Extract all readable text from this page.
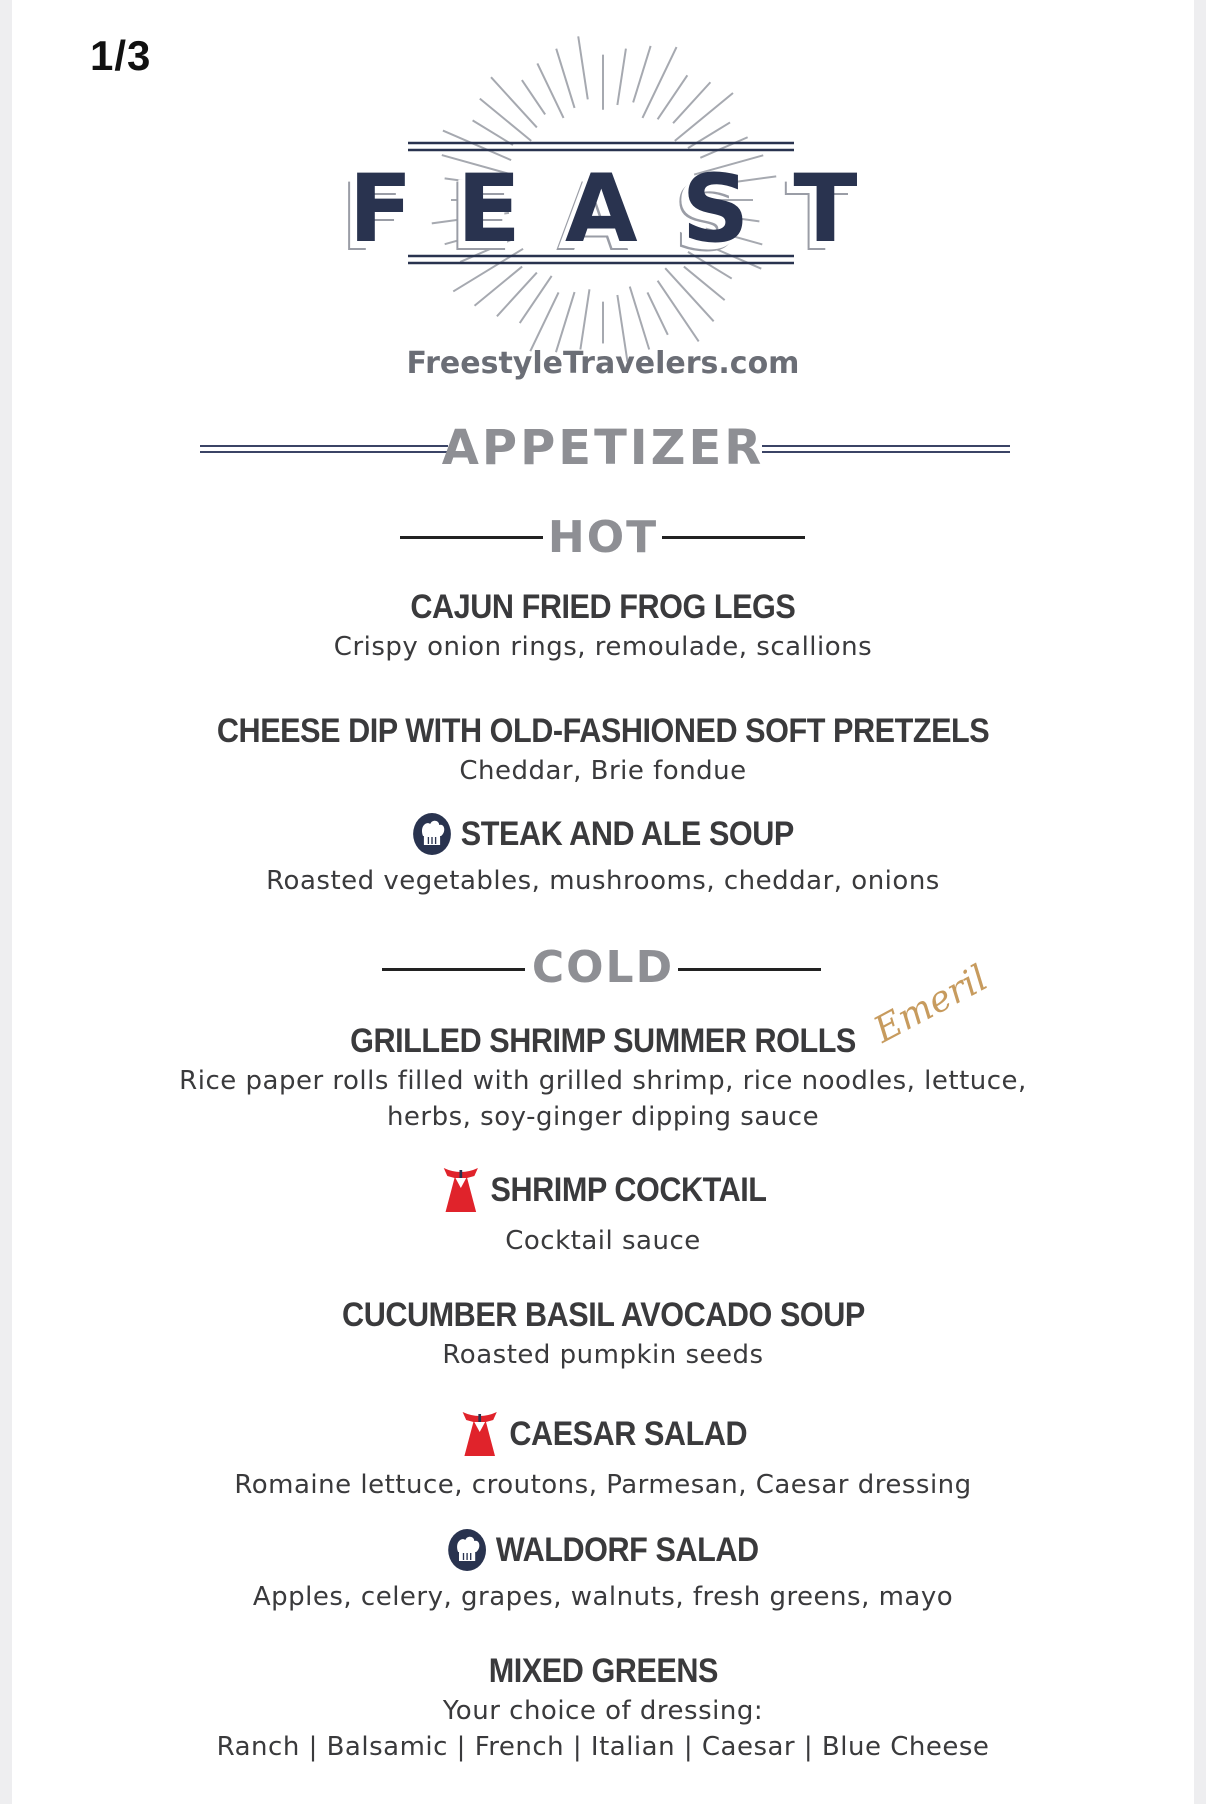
1/3
FEAST
FreestyleTravelers.com
APPETIZER
HOT
CAJUN FRIED FROG LEGS
Crispy onion rings, remoulade, scallions
CHEESE DIP WITH OLD-FASHIONED SOFT PRETZELS
Cheddar, Brie fondue
STEAK AND ALE SOUP
Roasted vegetables, mushrooms, cheddar, onions
COLD
GRILLED SHRIMP SUMMER ROLLS
Rice paper rolls filled with grilled shrimp, rice noodles, lettuce,
herbs, soy-ginger dipping sauce
Emeril
SHRIMP COCKTAIL
Cocktail sauce
CUCUMBER BASIL AVOCADO SOUP
Roasted pumpkin seeds
CAESAR SALAD
Romaine lettuce, croutons, Parmesan, Caesar dressing
WALDORF SALAD
Apples, celery, grapes, walnuts, fresh greens, mayo
MIXED GREENS
Your choice of dressing:
Ranch | Balsamic | French | Italian | Caesar | Blue Cheese
